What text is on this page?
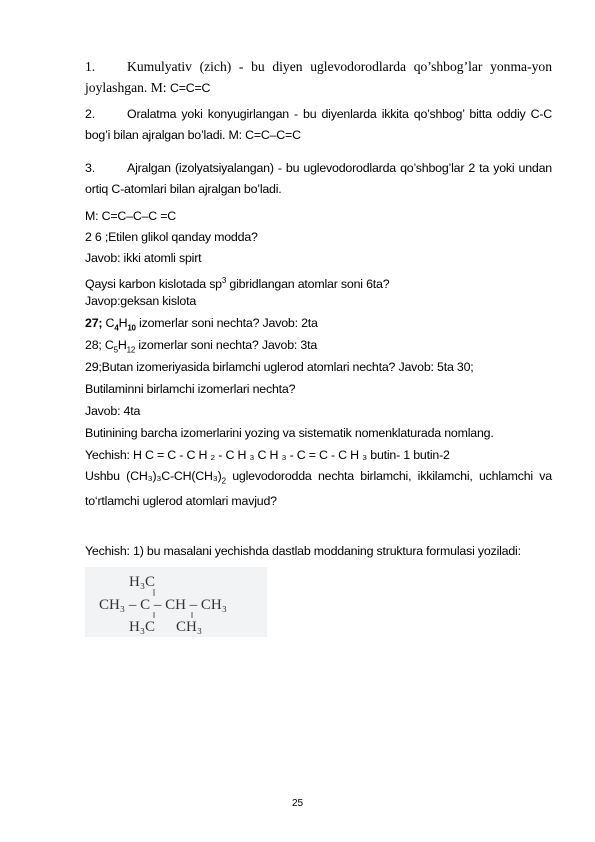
1. Kumulyativ (zich) - bu diyen uglevodorodlarda qo’shbog’lar yonma-yon joylashgan. M: C=C=C
2.	Oralatma yoki konyugirlangan - bu diyenlarda ikkita qo’shbog’ bitta oddiy C-C bog’i bilan ajralgan bo’ladi. M: C=C–C=C
3.	Ajralgan (izolyatsiyalangan) - bu uglevodorodlarda qo’shbog’lar 2 ta yoki undan ortiq C-atomlari bilan ajralgan bo’ladi.
M: C=C–C–C =C
2 6 ;Etilen glikol qanday modda?
Javob: ikki atomli spirt
Qaysi karbon kislotada $sp^3$ gibridlangan atomlar soni 6ta?
Javop:geksan kislota
27; $C_4H_{10}$ izomerlar soni nechta? Javob: 2ta
28; $C_5H_{12}$ izomerlar soni nechta? Javob: 3ta
29;Butan izomeriyasida birlamchi uglerod atomlari nechta? Javob: 5ta 30;
Butilaminni birlamchi izomerlari nechta?
Javob: 4ta
Butinining barcha izomerlarini yozing va sistematik nomenklaturada nomlang.
Yechish: H C = C - C H ₂ - C H ₃ C H ₃ - C = C - C H ₃ butin- 1 butin-2
Ushbu $(CH_3)_3C-CH(CH_3)_2$ uglevodorodda nechta birlamchi, ikkilamchi, uchlamchi va to‘rtlamchi uglerod atomlari mavjud?
Yechish: 1) bu masalani yechishda dastlab moddaning struktura formulasi yoziladi:
H₃C
CH₃ – C – CH – CH₃
H₃C CH₃
25
